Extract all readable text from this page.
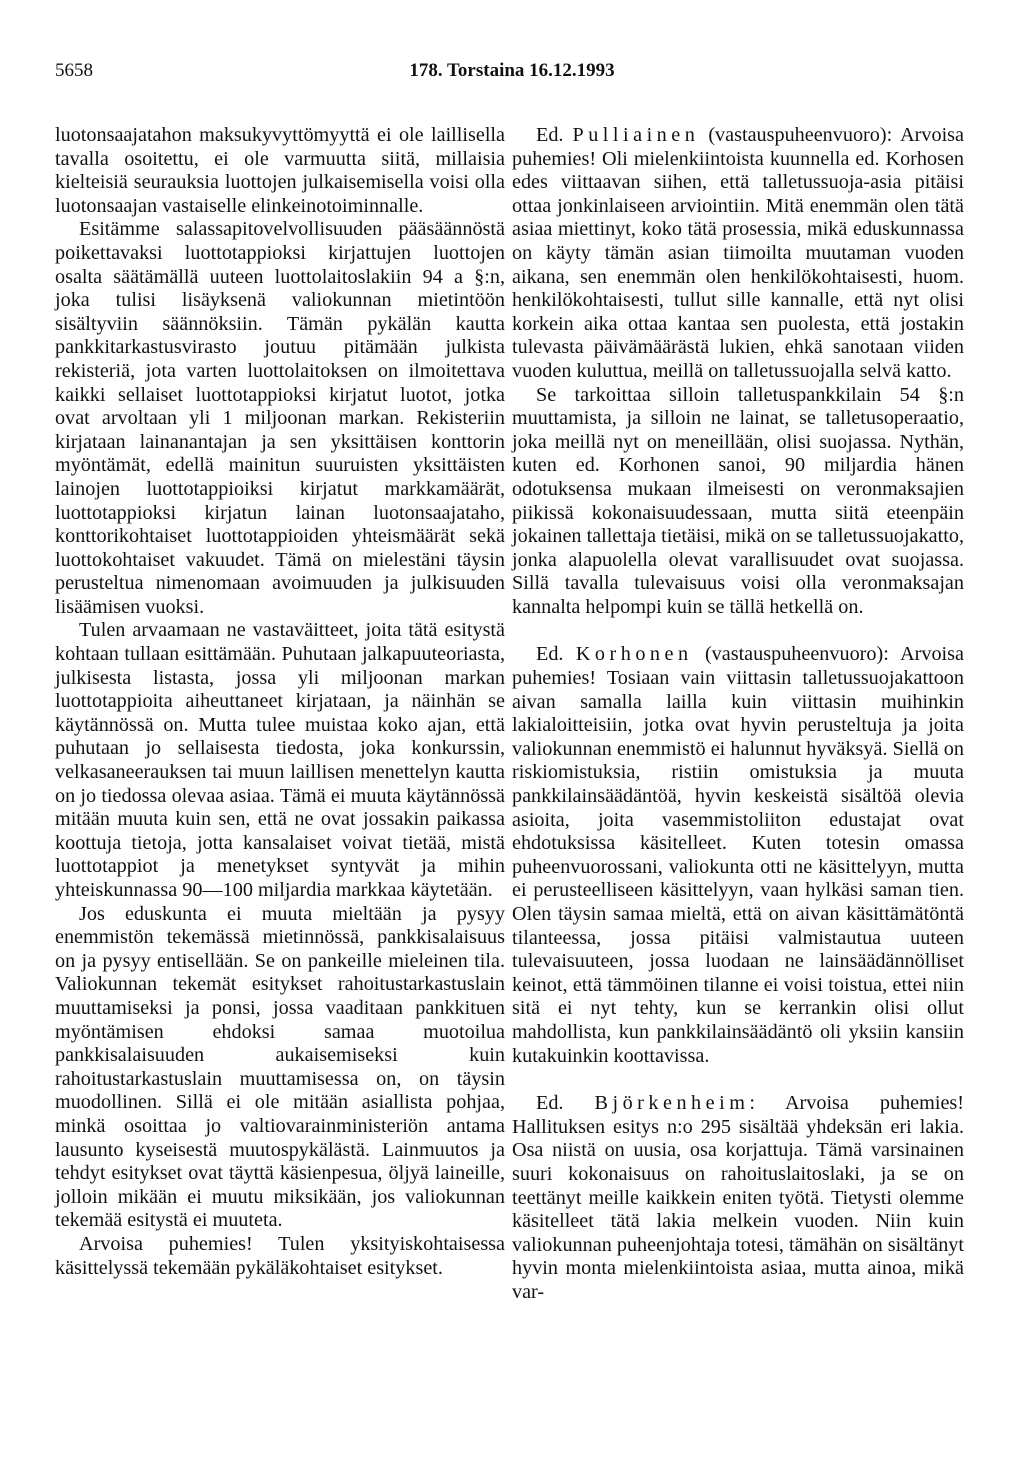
5658	178. Torstaina 16.12.1993

luotonsaajatahon maksukyvyttömyyttä ei ole laillisella tavalla osoitettu, ei ole varmuutta siitä, millaisia kielteisiä seurauksia luottojen julkaisemisella voisi olla luotonsaajan vastaiselle elinkeinotoiminnalle.

Esitämme salassapitovelvollisuuden pääsäännöstä poikettavaksi luottotappioksi kirjattujen luottojen osalta säätämällä uuteen luottolaitoslakiin 94 a §:n, joka tulisi lisäyksenä valiokunnan mietintöön sisältyviin säännöksiin. Tämän pykälän kautta pankkitarkastusvirasto joutuu pitämään julkista rekisteriä, jota varten luottolaitoksen on ilmoitettava kaikki sellaiset luottotappioksi kirjatut luotot, jotka ovat arvoltaan yli 1 miljoonan markan. Rekisteriin kirjataan lainanantajan ja sen yksittäisen konttorin myöntämät, edellä mainitun suuruisten yksittäisten lainojen luottotappioiksi kirjatut markkamäärät, luottotappioksi kirjatun lainan luotonsaajataho, konttorikohtaiset luottotappioiden yhteismäärät sekä luottokohtaiset vakuudet. Tämä on mielestäni täysin perusteltua nimenomaan avoimuuden ja julkisuuden lisäämisen vuoksi.

Tulen arvaamaan ne vastaväitteet, joita tätä esitystä kohtaan tullaan esittämään. Puhutaan jalkapuuteoriasta, julkisesta listasta, jossa yli miljoonan markan luottotappioita aiheuttaneet kirjataan, ja näinhän se käytännössä on. Mutta tulee muistaa koko ajan, että puhutaan jo sellaisesta tiedosta, joka konkurssin, velkasaneerauksen tai muun laillisen menettelyn kautta on jo tiedossa olevaa asiaa. Tämä ei muuta käytännössä mitään muuta kuin sen, että ne ovat jossakin paikassa koottuja tietoja, jotta kansalaiset voivat tietää, mistä luottotappiot ja menetykset syntyvät ja mihin yhteiskunnassa 90—100 miljardia markkaa käytetään.

Jos eduskunta ei muuta mieltään ja pysyy enemmistön tekemässä mietinnössä, pankkisalaisuus on ja pysyy entisellään. Se on pankeille mieleinen tila. Valiokunnan tekemät esitykset rahoitustarkastuslain muuttamiseksi ja ponsi, jossa vaaditaan pankkituen myöntämisen ehdoksi samaa muotoilua pankkisalaisuuden aukaisemiseksi kuin rahoitustarkastuslain muuttamisessa on, on täysin muodollinen. Sillä ei ole mitään asiallista pohjaa, minkä osoittaa jo valtiovarainministeriön antama lausunto kyseisestä muutospykälästä. Lainmuutos ja tehdyt esitykset ovat täyttä käsienpesua, öljyä laineille, jolloin mikään ei muutu miksikään, jos valiokunnan tekemää esitystä ei muuteta.

Arvoisa puhemies! Tulen yksityiskohtaisessa käsittelyssä tekemään pykäläkohtaiset esitykset.

Ed. Pulliainen (vastauspuheenvuoro): Arvoisa puhemies! Oli mielenkiintoista kuunnella ed. Korhosen edes viittaavan siihen, että talletussuoja-asia pitäisi ottaa jonkinlaiseen arviointiin. Mitä enemmän olen tätä asiaa miettinyt, koko tätä prosessia, mikä eduskunnassa on käyty tämän asian tiimoilta muutaman vuoden aikana, sen enemmän olen henkilökohtaisesti, huom. henkilökohtaisesti, tullut sille kannalle, että nyt olisi korkein aika ottaa kantaa sen puolesta, että jostakin tulevasta päivämäärästä lukien, ehkä sanotaan viiden vuoden kuluttua, meillä on talletussuojalla selvä katto.

Se tarkoittaa silloin talletuspankkilain 54 §:n muuttamista, ja silloin ne lainat, se talletusoperaatio, joka meillä nyt on meneillään, olisi suojassa. Nythän, kuten ed. Korhonen sanoi, 90 miljardia hänen odotuksensa mukaan ilmeisesti on veronmaksajien piikissä kokonaisuudessaan, mutta siitä eteenpäin jokainen tallettaja tietäisi, mikä on se talletussuojakatto, jonka alapuolella olevat varallisuudet ovat suojassa. Sillä tavalla tulevaisuus voisi olla veronmaksajan kannalta helpompi kuin se tällä hetkellä on.

Ed. Korhonen (vastauspuheenvuoro): Arvoisa puhemies! Tosiaan vain viittasin talletussuojakattoon aivan samalla lailla kuin viittasin muihinkin lakialoitteisiin, jotka ovat hyvin perusteltuja ja joita valiokunnan enemmistö ei halunnut hyväksyä. Siellä on riskiomistuksia, ristiin omistuksia ja muuta pankkilainsäädäntöä, hyvin keskeistä sisältöä olevia asioita, joita vasemmistoliiton edustajat ovat ehdotuksissa käsitelleet. Kuten totesin omassa puheenvuorossani, valiokunta otti ne käsittelyyn, mutta ei perusteelliseen käsittelyyn, vaan hylkäsi saman tien. Olen täysin samaa mieltä, että on aivan käsittämätöntä tilanteessa, jossa pitäisi valmistautua uuteen tulevaisuuteen, jossa luodaan ne lainsäädännölliset keinot, että tämmöinen tilanne ei voisi toistua, ettei niin sitä ei nyt tehty, kun se kerrankin olisi ollut mahdollista, kun pankkilainsäädäntö oli yksiin kansiin kutakuinkin koottavissa.

Ed. Björkenheim: Arvoisa puhemies! Hallituksen esitys n:o 295 sisältää yhdeksän eri lakia. Osa niistä on uusia, osa korjattuja. Tämä varsinainen suuri kokonaisuus on rahoituslaitoslaki, ja se on teettänyt meille kaikkein eniten työtä. Tietysti olemme käsitelleet tätä lakia melkein vuoden. Niin kuin valiokunnan puheenjohtaja totesi, tämähän on sisältänyt hyvin monta mielenkiintoista asiaa, mutta ainoa, mikä var-
